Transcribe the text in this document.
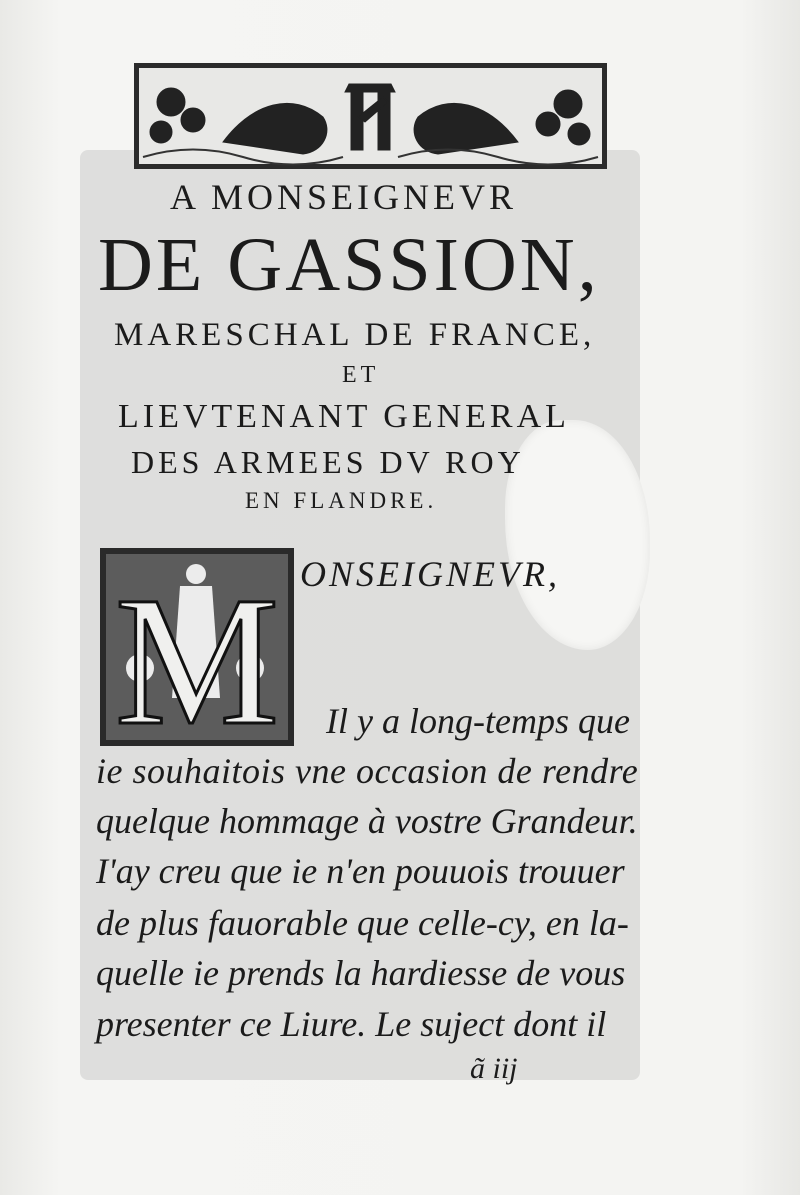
A MONSEIGNEVR
DE GASSION,
MARESCHAL DE FRANCE,
ET
LIEVTENANT GENERAL
DES ARMEES DV ROY
EN FLANDRE.
M ONSEIGNEVR,
Il y a long-temps que
ie souhaitois vne occasion de rendre
quelque hommage à vostre Grandeur.
I'ay creu que ie n'en pouuois trouuer
de plus fauorable que celle-cy, en la-
quelle ie prends la hardiesse de vous
presenter ce Liure. Le suject dont il
ã iij
